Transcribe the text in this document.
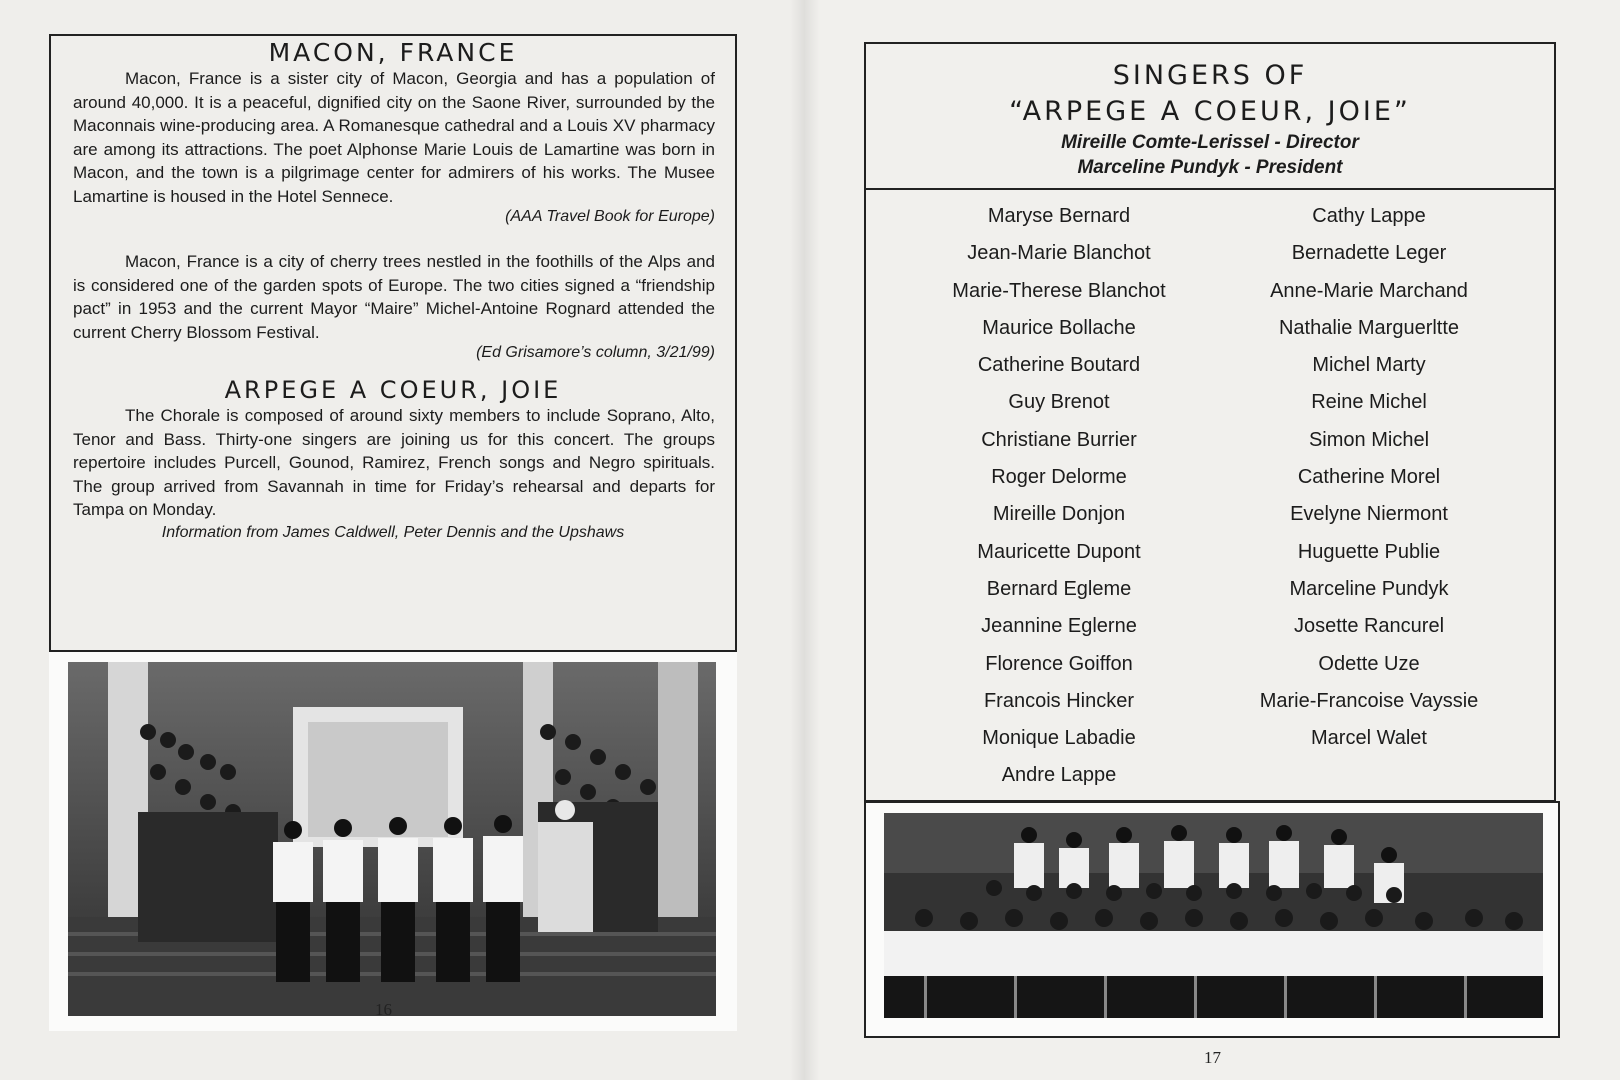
MACON, FRANCE

Macon, France is a sister city of Macon, Georgia and has a population of around 40,000. It is a peaceful, dignified city on the Saone River, surrounded by the Maconnais wine-producing area. A Romanesque cathedral and a Louis XV pharmacy are among its attractions. The poet Alphonse Marie Louis de Lamartine was born in Macon, and the town is a pilgrimage center for admirers of his works. The Musee Lamartine is housed in the Hotel Sennece.

(AAA Travel Book for Europe)

Macon, France is a city of cherry trees nestled in the foothills of the Alps and is considered one of the garden spots of Europe. The two cities signed a “friendship pact” in 1953 and the current Mayor “Maire” Michel-Antoine Rognard attended the current Cherry Blossom Festival.

(Ed Grisamore’s column, 3/21/99)

ARPEGE A COEUR, JOIE

The Chorale is composed of around sixty members to include Soprano, Alto, Tenor and Bass. Thirty-one singers are joining us for this concert. The groups repertoire includes Purcell, Gounod, Ramirez, French songs and Negro spirituals. The group arrived from Savannah in time for Friday’s rehearsal and departs for Tampa on Monday.

Information from James Caldwell, Peter Dennis and the Upshaws

16
SINGERS OF
“ARPEGE A COEUR, JOIE”

Mireille Comte-Lerissel - Director

Marceline Pundyk - President

Maryse Bernard
Jean-Marie Blanchot
Marie-Therese Blanchot
Maurice Bollache
Catherine Boutard
Guy Brenot
Christiane Burrier
Roger Delorme
Mireille Donjon
Mauricette Dupont
Bernard Egleme
Jeannine Eglerne
Florence Goiffon
Francois Hincker
Monique Labadie
Andre Lappe
Cathy Lappe
Bernadette Leger
Anne-Marie Marchand
Nathalie Marguerltte
Michel Marty
Reine Michel
Simon Michel
Catherine Morel
Evelyne Niermont
Huguette Publie
Marceline Pundyk
Josette Rancurel
Odette Uze
Marie-Francoise Vayssie
Marcel Walet
17
